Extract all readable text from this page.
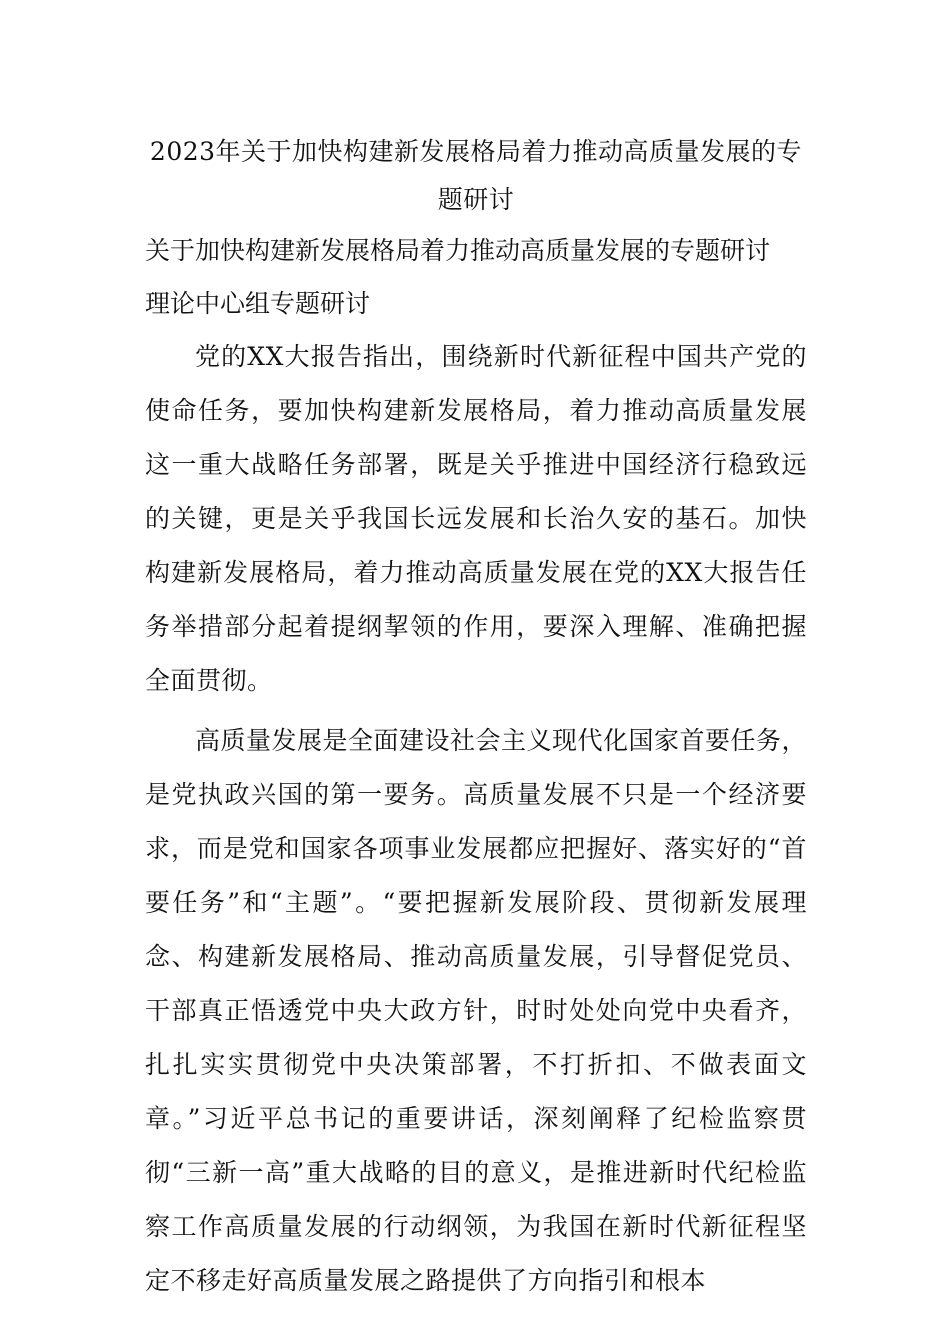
2023年关于加快构建新发展格局着力推动高质量发展的专题研讨

关于加快构建新发展格局着力推动高质量发展的专题研讨

理论中心组专题研讨

党的XX大报告指出，围绕新时代新征程中国共产党的使命任务，要加快构建新发展格局，着力推动高质量发展这一重大战略任务部署，既是关乎推进中国经济行稳致远的关键，更是关乎我国长远发展和长治久安的基石。加快构建新发展格局，着力推动高质量发展在党的XX大报告任务举措部分起着提纲挈领的作用，要深入理解、准确把握全面贯彻。

高质量发展是全面建设社会主义现代化国家首要任务，是党执政兴国的第一要务。高质量发展不只是一个经济要求，而是党和国家各项事业发展都应把握好、落实好的“首要任务”和“主题”。“要把握新发展阶段、贯彻新发展理念、构建新发展格局、推动高质量发展，引导督促党员、干部真正悟透党中央大政方针，时时处处向党中央看齐，扎扎实实贯彻党中央决策部署，不打折扣、不做表面文章。”习近平总书记的重要讲话，深刻阐释了纪检监察贯彻“三新一高”重大战略的目的意义，是推进新时代纪检监察工作高质量发展的行动纲领，为我国在新时代新征程坚定不移走好高质量发展之路提供了方向指引和根本
